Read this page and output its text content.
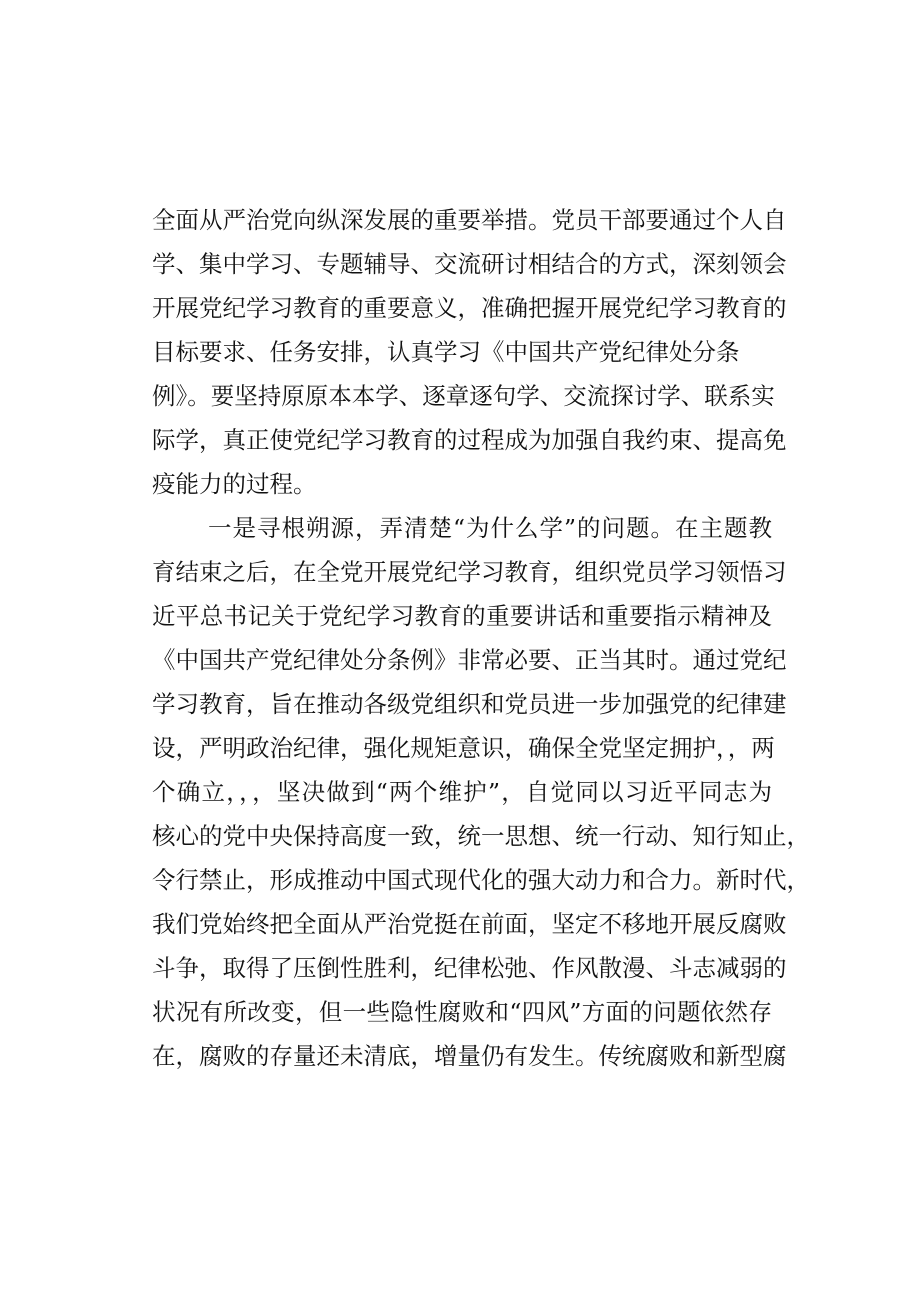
全面从严治党向纵深发展的重要举措。党员干部要通过个人自
学、集中学习、专题辅导、交流研讨相结合的方式，深刻领会
开展党纪学习教育的重要意义，准确把握开展党纪学习教育的
目标要求、任务安排，认真学习《中国共产党纪律处分条
例》。要坚持原原本本学、逐章逐句学、交流探讨学、联系实
际学，真正使党纪学习教育的过程成为加强自我约束、提高免
疫能力的过程。
一是寻根朔源，弄清楚“为什么学”的问题。在主题教
育结束之后，在全党开展党纪学习教育，组织党员学习领悟习
近平总书记关于党纪学习教育的重要讲话和重要指示精神及
《中国共产党纪律处分条例》非常必要、正当其时。通过党纪
学习教育，旨在推动各级党组织和党员进一步加强党的纪律建
设，严明政治纪律，强化规矩意识，确保全党坚定拥护，，两
个确立，，，坚决做到“两个维护”，自觉同以习近平同志为
核心的党中央保持高度一致，统一思想、统一行动、知行知止，
令行禁止，形成推动中国式现代化的强大动力和合力。新时代，
我们党始终把全面从严治党挺在前面，坚定不移地开展反腐败
斗争，取得了压倒性胜利，纪律松弛、作风散漫、斗志减弱的
状况有所改变，但一些隐性腐败和“四风”方面的问题依然存
在，腐败的存量还未清底，增量仍有发生。传统腐败和新型腐
